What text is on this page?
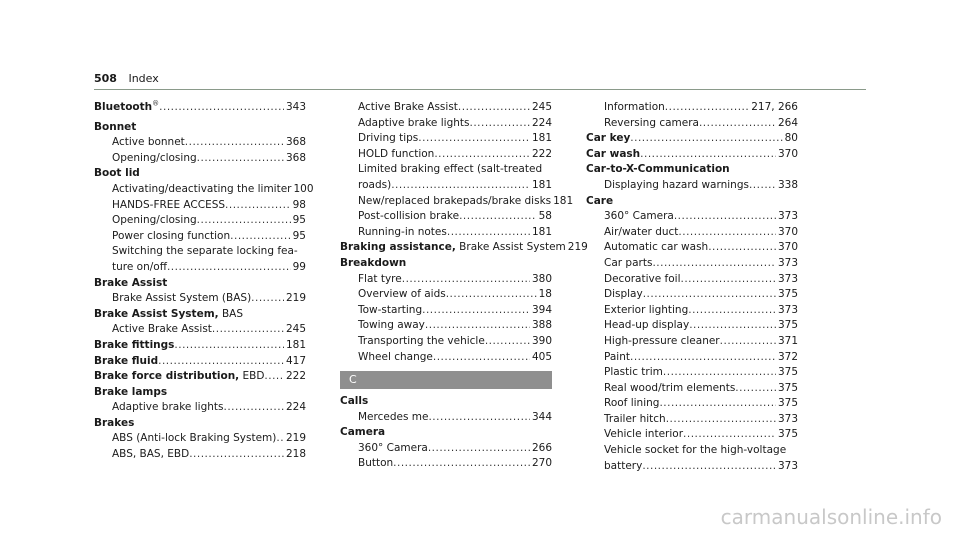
508 Index
Bluetooth® .....	343
Bonnet
Active bonnet .....	368
Opening/closing .....	368
Boot lid
Activating/deactivating the limiter 100
HANDS-FREE ACCESS .....	98
Opening/closing .....	95
Power closing function .....	95
Switching the separate locking fea-
ture on/off .....	99
Brake Assist
Brake Assist System (BAS) .....	219
Brake Assist System, BAS
Active Brake Assist .....	245
Brake fittings .....	181
Brake fluid .....	417
Brake force distribution, EBD ..... 222
Brake lamps
Adaptive brake lights .....	224
Brakes
ABS (Anti-lock Braking System) ..... 219
ABS, BAS, EBD .....	218
Active Brake Assist .....	245
Adaptive brake lights .....	224
Driving tips .....	181
HOLD function .....	222
Limited braking effect (salt-treated
roads) .....	181
New/replaced brakepads/brake disks 181
Post-collision brake .....	58
Running-in notes .....	181
Braking assistance, Brake Assist System 219
Breakdown
Flat tyre .....	380
Overview of aids .....	18
Tow-starting .....	394
Towing away .....	388
Transporting the vehicle .....	390
Wheel change .....	405
C
Calls
Mercedes me .....	344
Camera
360° Camera .....	266
Button .....	270
Information .....	217, 266
Reversing camera .....	264
Car key .....	80
Car wash .....	370
Car-to-X-Communication
Displaying hazard warnings .....	338
Care
360° Camera .....	373
Air/water duct .....	370
Automatic car wash .....	370
Car parts .....	373
Decorative foil .....	373
Display .....	375
Exterior lighting .....	373
Head-up display .....	375
High-pressure cleaner .....	371
Paint .....	372
Plastic trim .....	375
Real wood/trim elements .....	375
Roof lining .....	375
Trailer hitch .....	373
Vehicle interior .....	375
Vehicle socket for the high-voltage
battery .....	373
carmanualsonline.info
